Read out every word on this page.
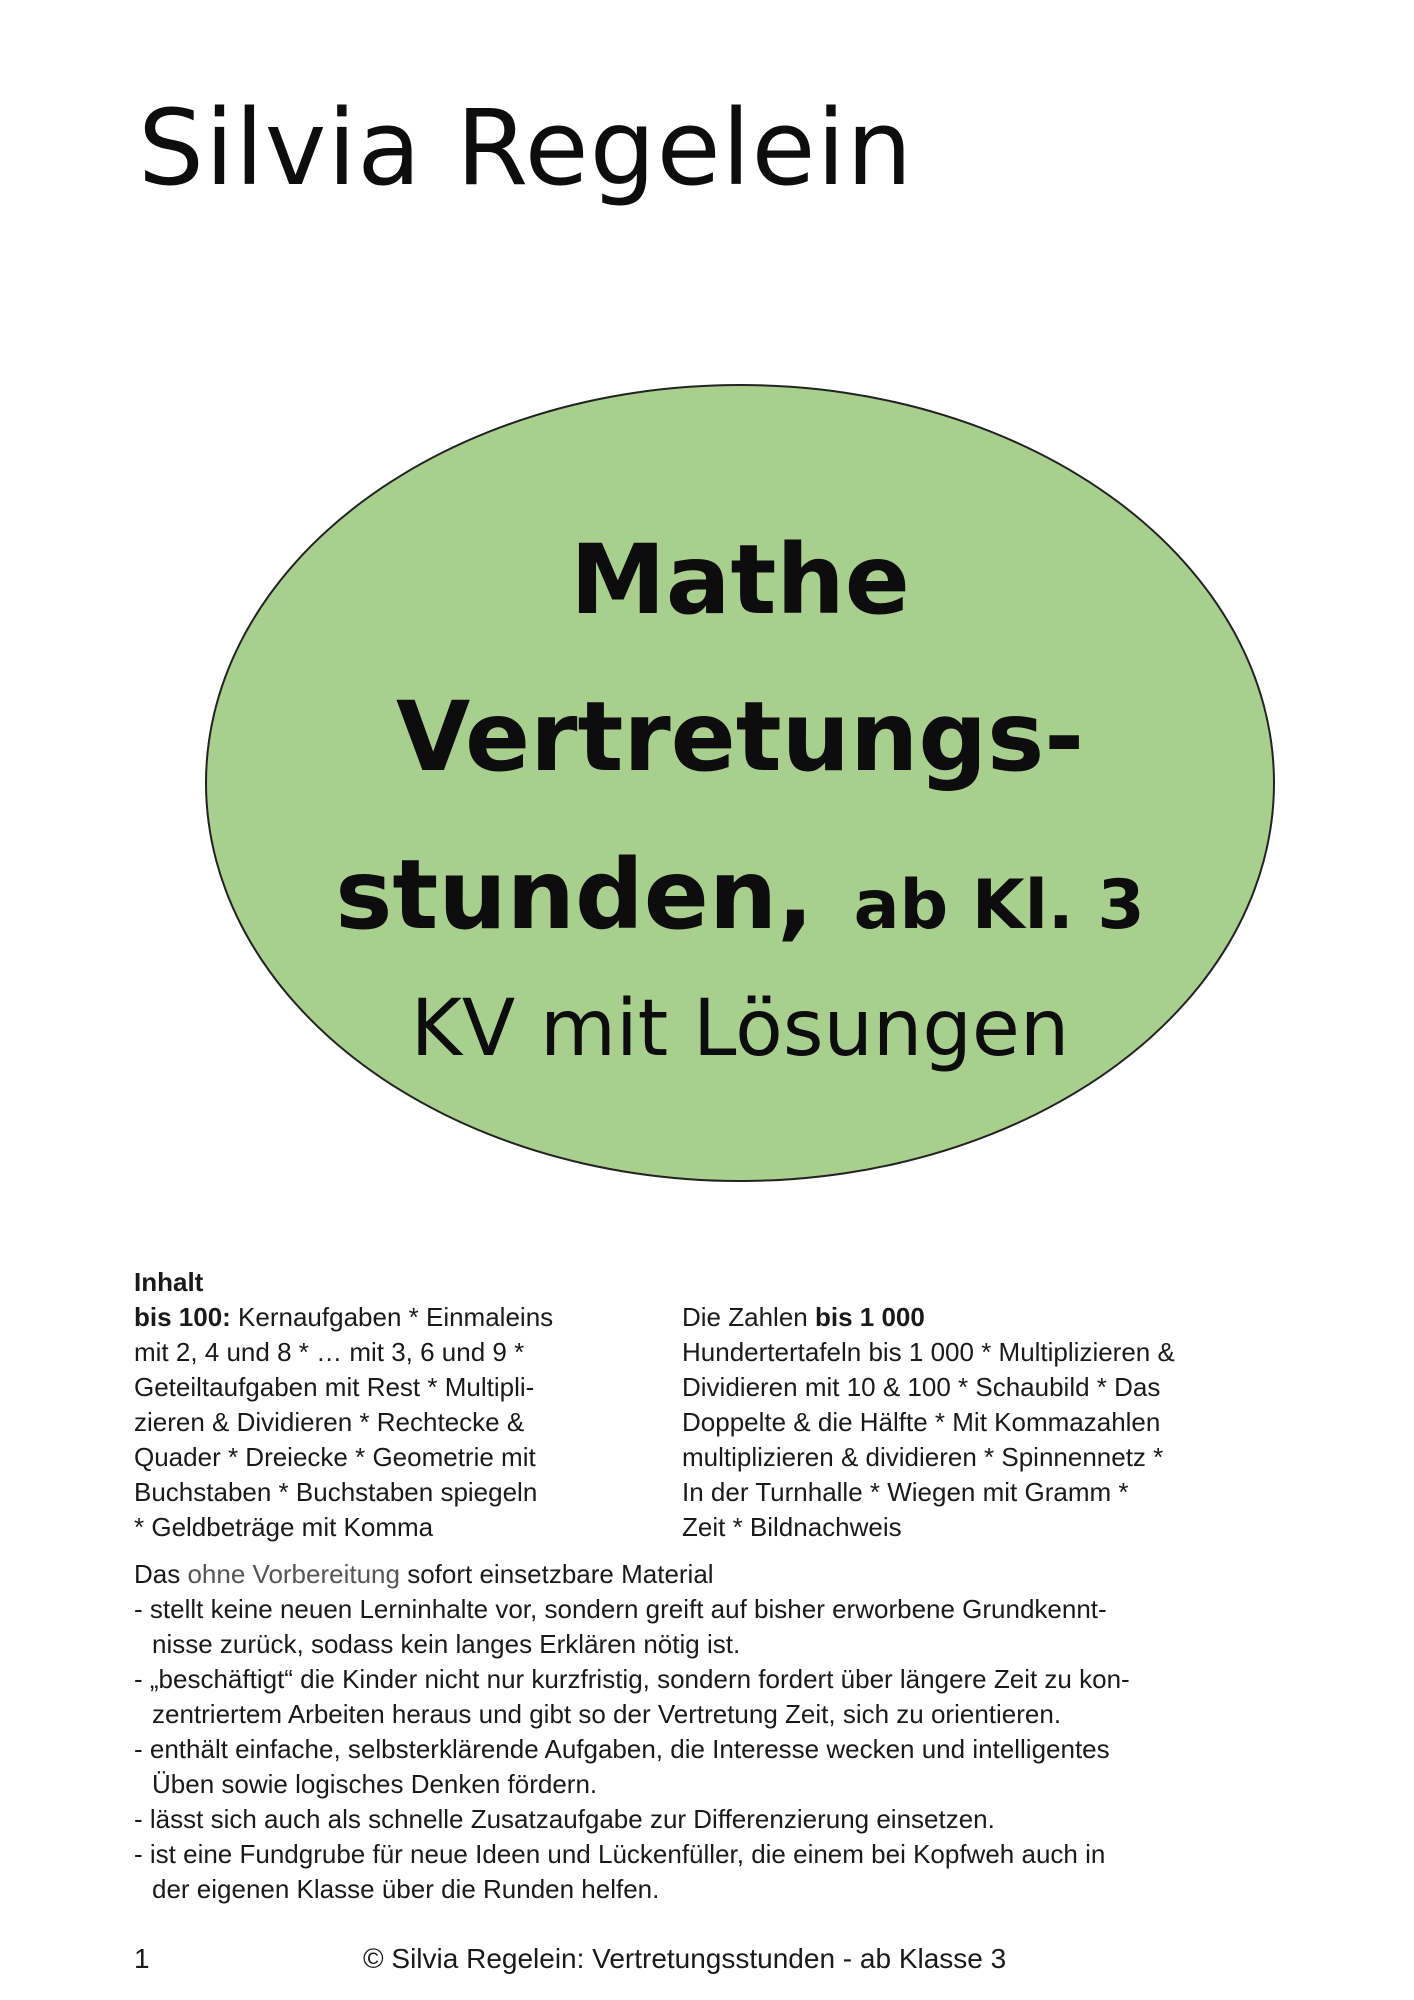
Silvia Regelein
Mathe
Vertretungs-
stunden, ab Kl. 3
KV mit Lösungen
Inhalt

bis 100: Kernaufgaben * Einmaleins

mit 2, 4 und 8 * … mit 3, 6 und 9 *

Geteiltaufgaben mit Rest * Multipli-

zieren & Dividieren * Rechtecke &

Quader * Dreiecke * Geometrie mit

Buchstaben * Buchstaben spiegeln

* Geldbeträge mit Komma

Die Zahlen bis 1 000

Hundertertafeln bis 1 000 * Multiplizieren &

Dividieren mit 10 & 100 * Schaubild * Das

Doppelte & die Hälfte * Mit Kommazahlen

multiplizieren & dividieren * Spinnennetz *

In der Turnhalle * Wiegen mit Gramm *

Zeit * Bildnachweis

Das ohne Vorbereitung sofort einsetzbare Material

- stellt keine neuen Lerninhalte vor, sondern greift auf bisher erworbene Grundkennt-

nisse zurück, sodass kein langes Erklären nötig ist.

- „beschäftigt“ die Kinder nicht nur kurzfristig, sondern fordert über längere Zeit zu kon-

zentriertem Arbeiten heraus und gibt so der Vertretung Zeit, sich zu orientieren.

- enthält einfache, selbsterklärende Aufgaben, die Interesse wecken und intelligentes

Üben sowie logisches Denken fördern.

- lässt sich auch als schnelle Zusatzaufgabe zur Differenzierung einsetzen.

- ist eine Fundgrube für neue Ideen und Lückenfüller, die einem bei Kopfweh auch in

der eigenen Klasse über die Runden helfen.

1	© Silvia Regelein: Vertretungsstunden - ab Klasse 3
